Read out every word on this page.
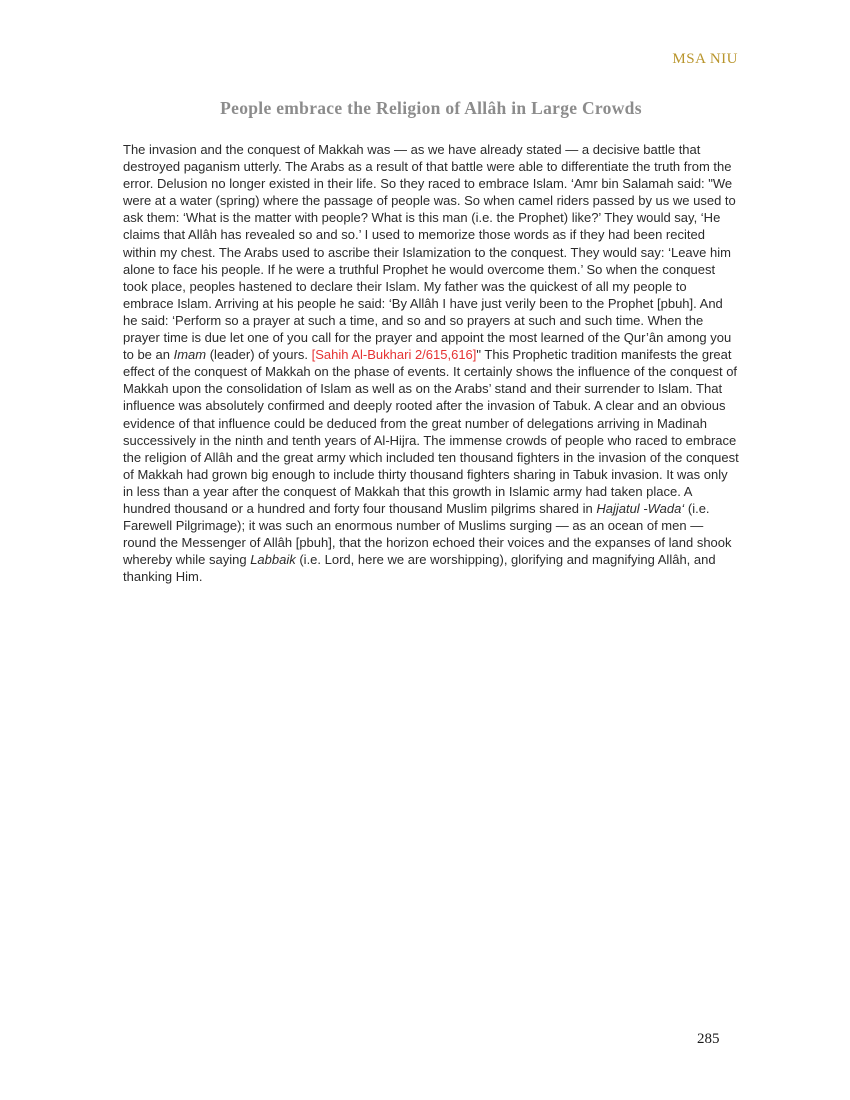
MSA NIU
People embrace the Religion of Allâh in Large Crowds

The invasion and the conquest of Makkah was — as we have already stated — a decisive battle that destroyed paganism utterly. The Arabs as a result of that battle were able to differentiate the truth from the error. Delusion no longer existed in their life. So they raced to embrace Islam. ‘Amr bin Salamah said: "We were at a water (spring) where the passage of people was. So when camel riders passed by us we used to ask them: ‘What is the matter with people? What is this man (i.e. the Prophet) like?’ They would say, ‘He claims that Allâh has revealed so and so.’ I used to memorize those words as if they had been recited within my chest. The Arabs used to ascribe their Islamization to the conquest. They would say: ‘Leave him alone to face his people. If he were a truthful Prophet he would overcome them.’ So when the conquest took place, peoples hastened to declare their Islam. My father was the quickest of all my people to embrace Islam. Arriving at his people he said: ‘By Allâh I have just verily been to the Prophet [pbuh]. And he said: ‘Perform so a prayer at such a time, and so and so prayers at such and such time. When the prayer time is due let one of you call for the prayer and appoint the most learned of the Qur’ân among you to be an Imam (leader) of yours. [Sahih Al-Bukhari 2/615,616]" This Prophetic tradition manifests the great effect of the conquest of Makkah on the phase of events. It certainly shows the influence of the conquest of Makkah upon the consolidation of Islam as well as on the Arabs’ stand and their surrender to Islam. That influence was absolutely confirmed and deeply rooted after the invasion of Tabuk. A clear and an obvious evidence of that influence could be deduced from the great number of delegations arriving in Madinah successively in the ninth and tenth years of Al-Hijra. The immense crowds of people who raced to embrace the religion of Allâh and the great army which included ten thousand fighters in the invasion of the conquest of Makkah had grown big enough to include thirty thousand fighters sharing in Tabuk invasion. It was only in less than a year after the conquest of Makkah that this growth in Islamic army had taken place. A hundred thousand or a hundred and forty four thousand Muslim pilgrims shared in Hajjatul -Wada‘ (i.e. Farewell Pilgrimage); it was such an enormous number of Muslims surging — as an ocean of men — round the Messenger of Allâh [pbuh], that the horizon echoed their voices and the expanses of land shook whereby while saying Labbaik (i.e. Lord, here we are worshipping), glorifying and magnifying Allâh, and thanking Him.

285
